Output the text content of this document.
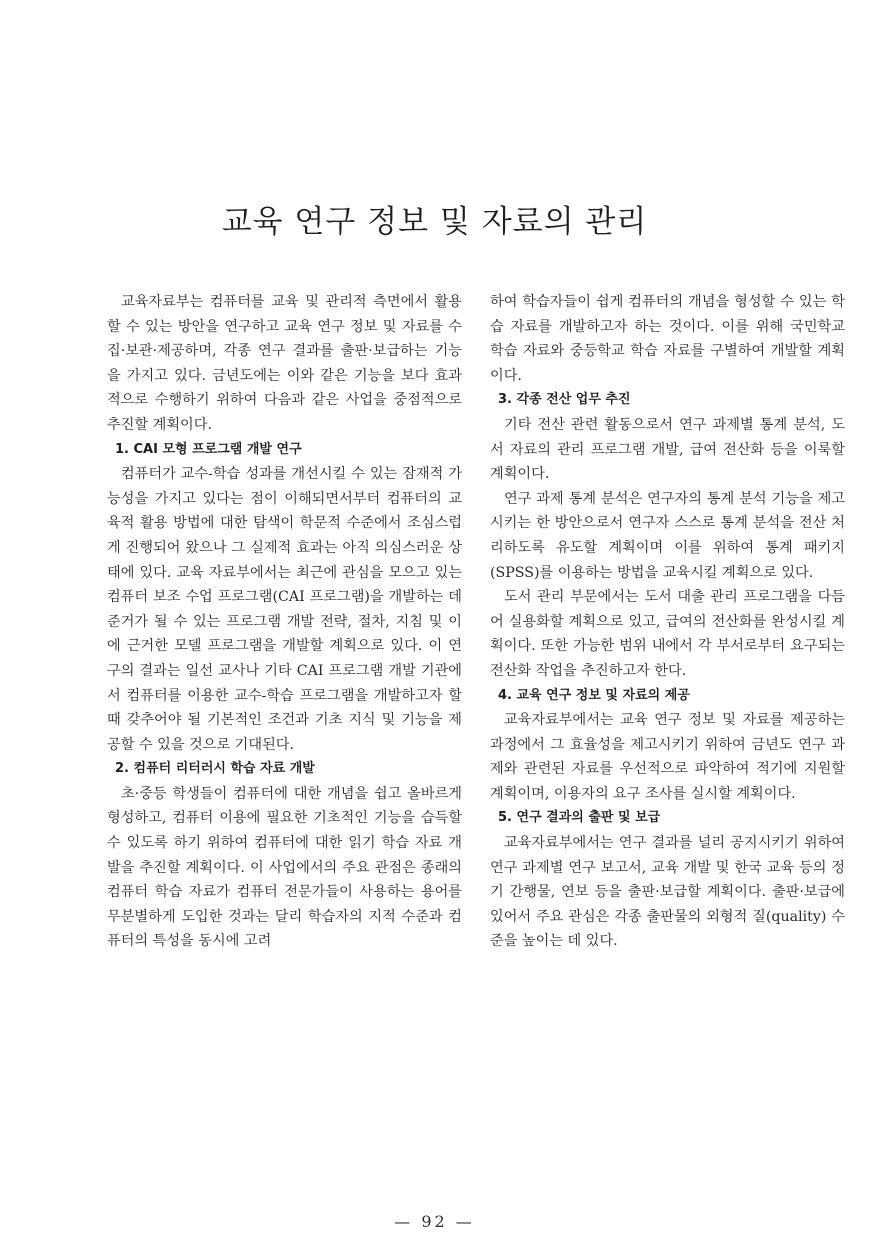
교육 연구 정보 및 자료의 관리

교육자료부는 컴퓨터를 교육 및 관리적 측면에서 활용할 수 있는 방안을 연구하고 교육 연구 정보 및 자료를 수집·보관·제공하며, 각종 연구 결과를 출판·보급하는 기능을 가지고 있다. 금년도에는 이와 같은 기능을 보다 효과적으로 수행하기 위하여 다음과 같은 사업을 중점적으로 추진할 계획이다.

1. CAI 모형 프로그램 개발 연구

컴퓨터가 교수-학습 성과를 개선시킬 수 있는 잠재적 가능성을 가지고 있다는 점이 이해되면서부터 컴퓨터의 교육적 활용 방법에 대한 탐색이 학문적 수준에서 조심스럽게 진행되어 왔으나 그 실제적 효과는 아직 의심스러운 상태에 있다. 교육 자료부에서는 최근에 관심을 모으고 있는 컴퓨터 보조 수업 프로그램(CAI 프로그램)을 개발하는 데 준거가 될 수 있는 프로그램 개발 전략, 절차, 지침 및 이에 근거한 모델 프로그램을 개발할 계획으로 있다. 이 연구의 결과는 일선 교사나 기타 CAI 프로그램 개발 기관에서 컴퓨터를 이용한 교수-학습 프로그램을 개발하고자 할 때 갖추어야 될 기본적인 조건과 기초 지식 및 기능을 제공할 수 있을 것으로 기대된다.

2. 컴퓨터 리터러시 학습 자료 개발

초·중등 학생들이 컴퓨터에 대한 개념을 쉽고 올바르게 형성하고, 컴퓨터 이용에 필요한 기초적인 기능을 습득할 수 있도록 하기 위하여 컴퓨터에 대한 읽기 학습 자료 개발을 추진할 계획이다. 이 사업에서의 주요 관점은 종래의 컴퓨터 학습 자료가 컴퓨터 전문가들이 사용하는 용어를 무분별하게 도입한 것과는 달리 학습자의 지적 수준과 컴퓨터의 특성을 동시에 고려

하여 학습자들이 쉽게 컴퓨터의 개념을 형성할 수 있는 학습 자료를 개발하고자 하는 것이다. 이를 위해 국민학교 학습 자료와 중등학교 학습 자료를 구별하여 개발할 계획이다.

3. 각종 전산 업무 추진

기타 전산 관련 활동으로서 연구 과제별 통계 분석, 도서 자료의 관리 프로그램 개발, 급여 전산화 등을 이룩할 계획이다.

연구 과제 통계 분석은 연구자의 통계 분석 기능을 제고시키는 한 방안으로서 연구자 스스로 통계 분석을 전산 처리하도록 유도할 계획이며 이를 위하여 통계 패키지(SPSS)를 이용하는 방법을 교육시킬 계획으로 있다.

도서 관리 부문에서는 도서 대출 관리 프로그램을 다듬어 실용화할 계획으로 있고, 급여의 전산화를 완성시킬 계획이다. 또한 가능한 범위 내에서 각 부서로부터 요구되는 전산화 작업을 추진하고자 한다.

4. 교육 연구 정보 및 자료의 제공

교육자료부에서는 교육 연구 정보 및 자료를 제공하는 과정에서 그 효율성을 제고시키기 위하여 금년도 연구 과제와 관련된 자료를 우선적으로 파악하여 적기에 지원할 계획이며, 이용자의 요구 조사를 실시할 계획이다.

5. 연구 결과의 출판 및 보급

교육자료부에서는 연구 결과를 널리 공지시키기 위하여 연구 과제별 연구 보고서, 교육 개발 및 한국 교육 등의 정기 간행물, 연보 등을 출판·보급할 계획이다. 출판·보급에 있어서 주요 관심은 각종 출판물의 외형적 질(quality) 수준을 높이는 데 있다.

— 92 —
